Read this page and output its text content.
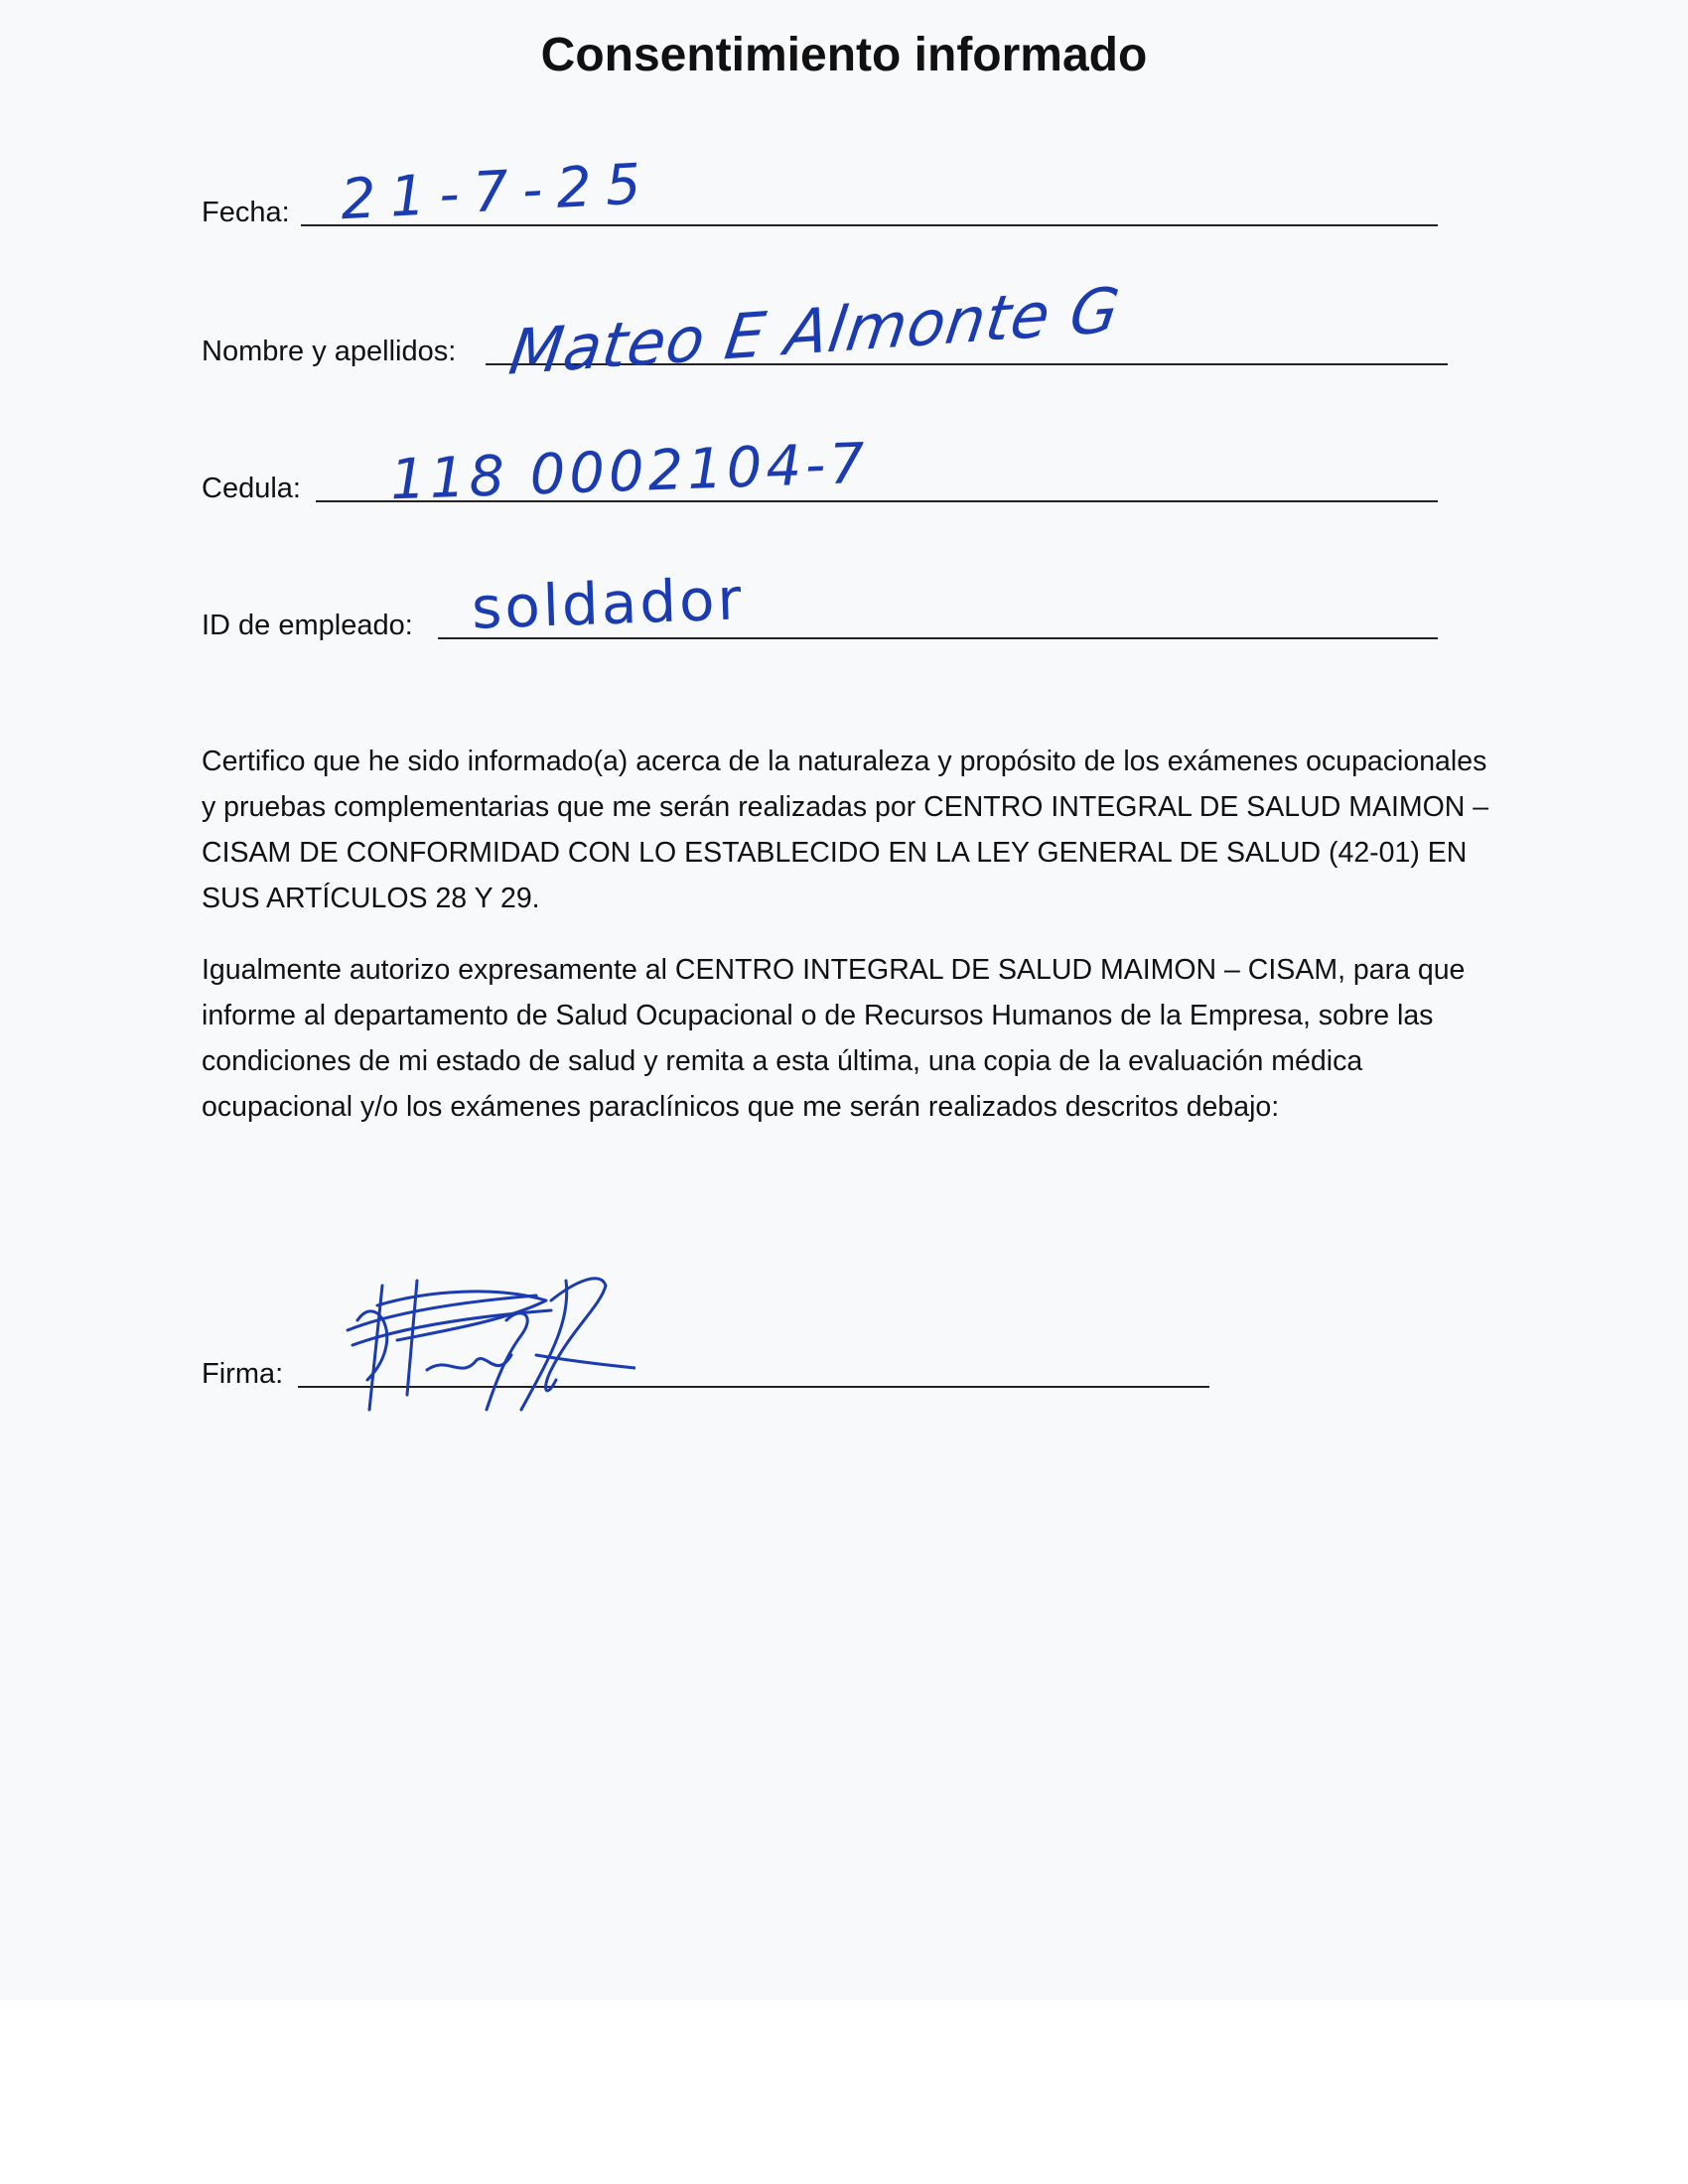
Consentimiento informado
Fecha: 21-7-25
Nombre y apellidos: Mateo E Almonte G
Cedula: 118 0002104-7
ID de empleado: soldador

Certifico que he sido informado(a) acerca de la naturaleza y propósito de los exámenes ocupacionales y pruebas complementarias que me serán realizadas por CENTRO INTEGRAL DE SALUD MAIMON – CISAM DE CONFORMIDAD CON LO ESTABLECIDO EN LA LEY GENERAL DE SALUD (42-01) EN SUS ARTÍCULOS 28 Y 29.

Igualmente autorizo expresamente al CENTRO INTEGRAL DE SALUD MAIMON – CISAM, para que informe al departamento de Salud Ocupacional o de Recursos Humanos de la Empresa, sobre las condiciones de mi estado de salud y remita a esta última, una copia de la evaluación médica ocupacional y/o los exámenes paraclínicos que me serán realizados descritos debajo:

Firma:
